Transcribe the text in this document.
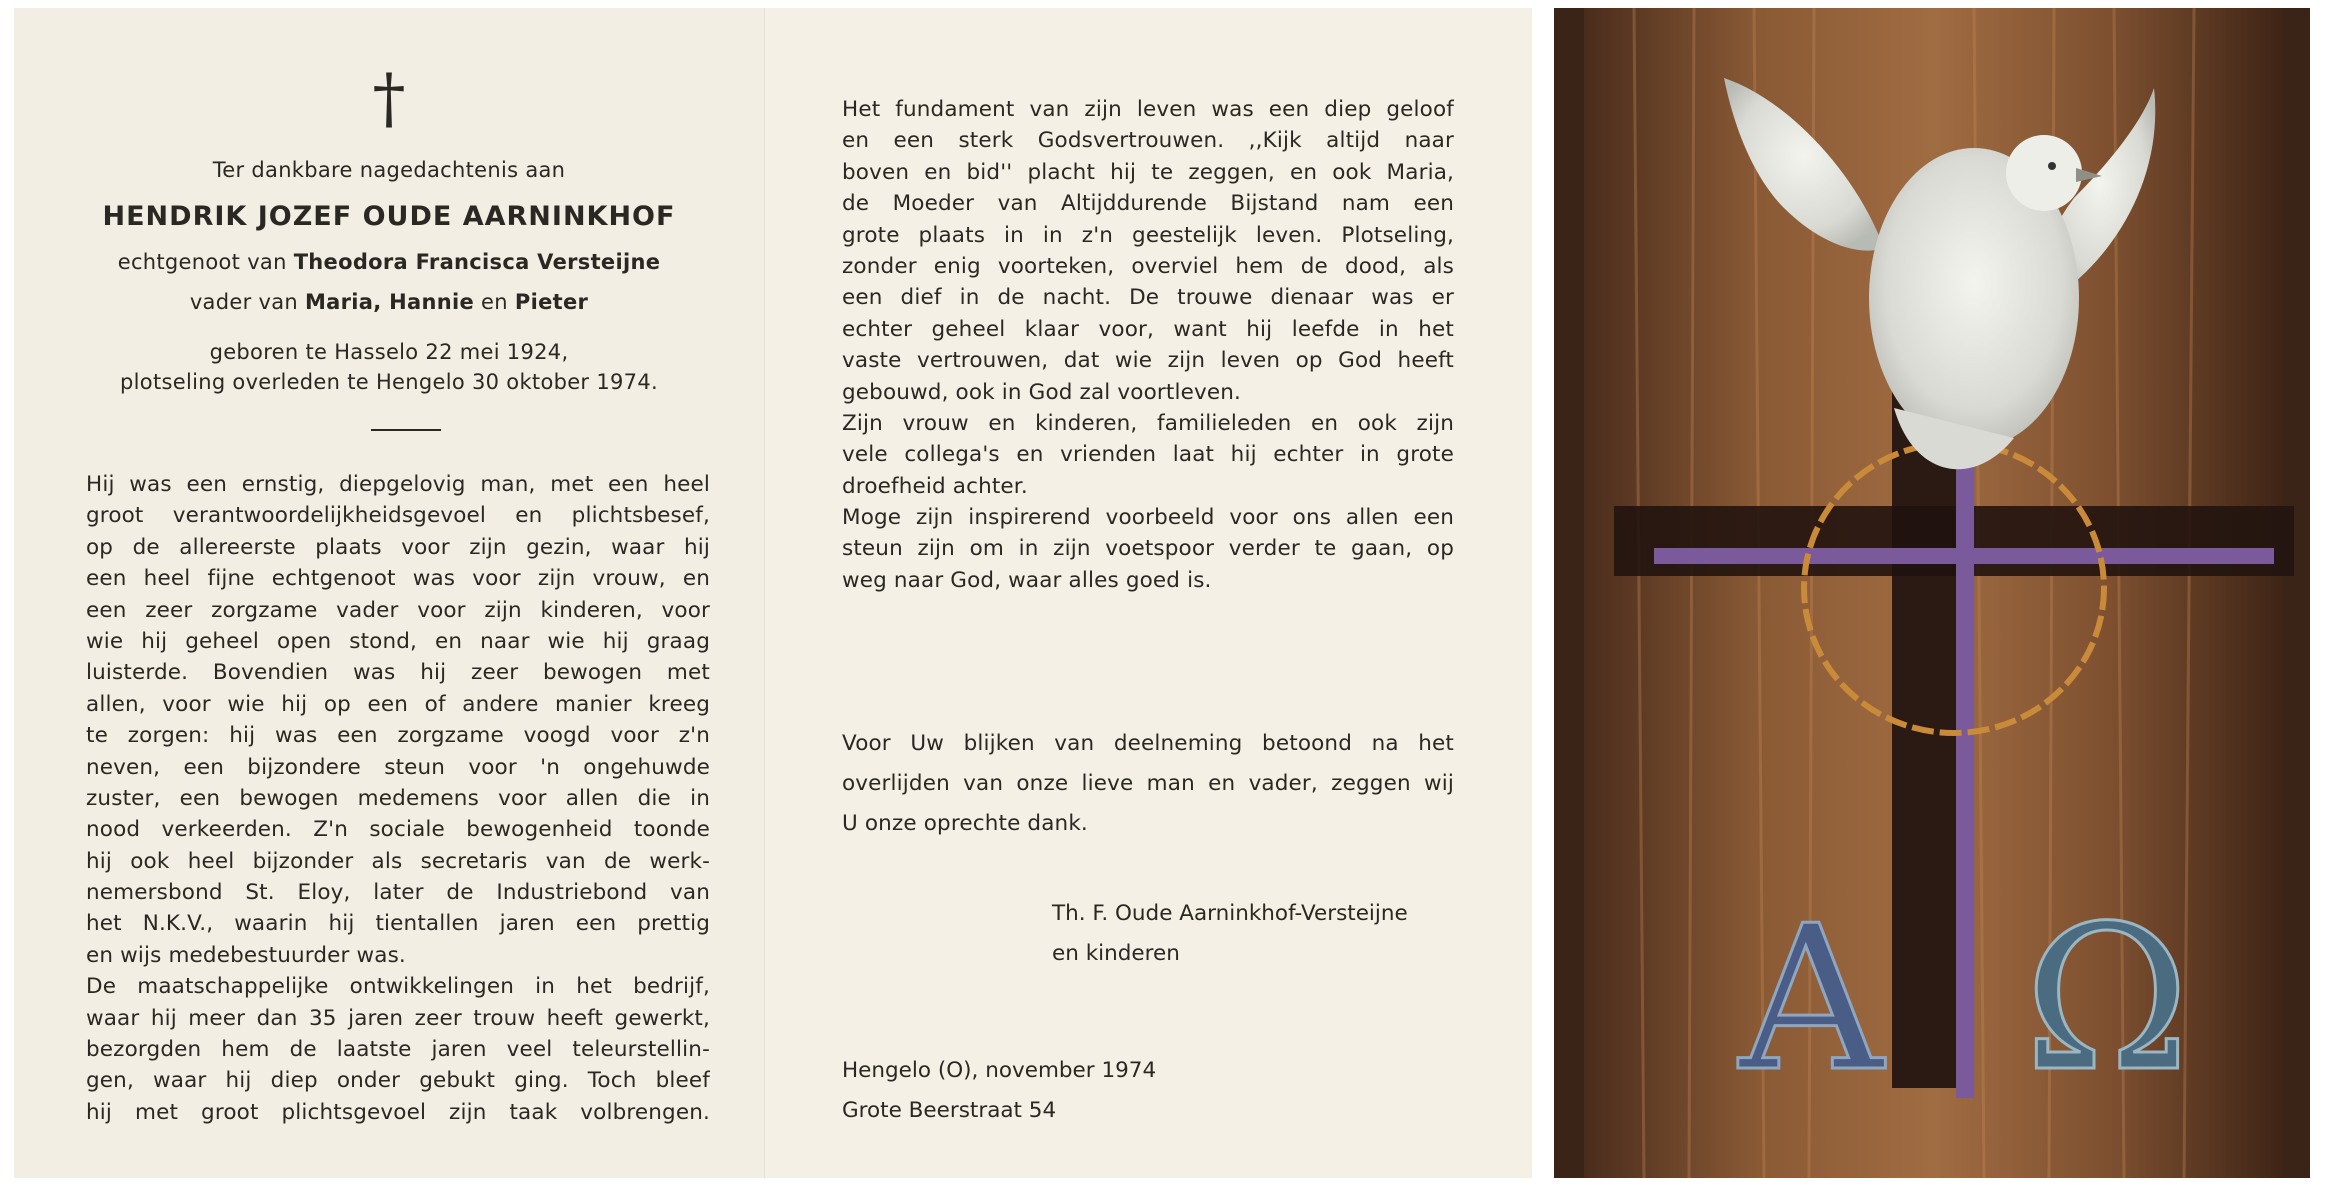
†
Ter dankbare nagedachtenis aan
HENDRIK JOZEF OUDE AARNINKHOF
echtgenoot van Theodora Francisca Versteijne
vader van Maria, Hannie en Pieter
geboren te Hasselo 22 mei 1924,
plotseling overleden te Hengelo 30 oktober 1974.
Hij was een ernstig, diepgelovig man, met een heel
groot verantwoordelijkheidsgevoel en plichtsbesef,
op de allereerste plaats voor zijn gezin, waar hij
een heel fijne echtgenoot was voor zijn vrouw, en
een zeer zorgzame vader voor zijn kinderen, voor
wie hij geheel open stond, en naar wie hij graag
luisterde. Bovendien was hij zeer bewogen met
allen, voor wie hij op een of andere manier kreeg
te zorgen: hij was een zorgzame voogd voor z'n
neven, een bijzondere steun voor 'n ongehuwde
zuster, een bewogen medemens voor allen die in
nood verkeerden. Z'n sociale bewogenheid toonde
hij ook heel bijzonder als secretaris van de werk-
nemersbond St. Eloy, later de Industriebond van
het N.K.V., waarin hij tientallen jaren een prettig
en wijs medebestuurder was.
De maatschappelijke ontwikkelingen in het bedrijf,
waar hij meer dan 35 jaren zeer trouw heeft gewerkt,
bezorgden hem de laatste jaren veel teleurstellin-
gen, waar hij diep onder gebukt ging. Toch bleef
hij met groot plichtsgevoel zijn taak volbrengen.
Het fundament van zijn leven was een diep geloof
en een sterk Godsvertrouwen. ,,Kijk altijd naar
boven en bid'' placht hij te zeggen, en ook Maria,
de Moeder van Altijddurende Bijstand nam een
grote plaats in in z'n geestelijk leven. Plotseling,
zonder enig voorteken, overviel hem de dood, als
een dief in de nacht. De trouwe dienaar was er
echter geheel klaar voor, want hij leefde in het
vaste vertrouwen, dat wie zijn leven op God heeft
gebouwd, ook in God zal voortleven.
Zijn vrouw en kinderen, familieleden en ook zijn
vele collega's en vrienden laat hij echter in grote
droefheid achter.
Moge zijn inspirerend voorbeeld voor ons allen een
steun zijn om in zijn voetspoor verder te gaan, op
weg naar God, waar alles goed is.
Voor Uw blijken van deelneming betoond na het
overlijden van onze lieve man en vader, zeggen wij
U onze oprechte dank.
Th. F. Oude Aarninkhof-Versteijne
en kinderen
Hengelo (O), november 1974
Grote Beerstraat 54	A Ω
